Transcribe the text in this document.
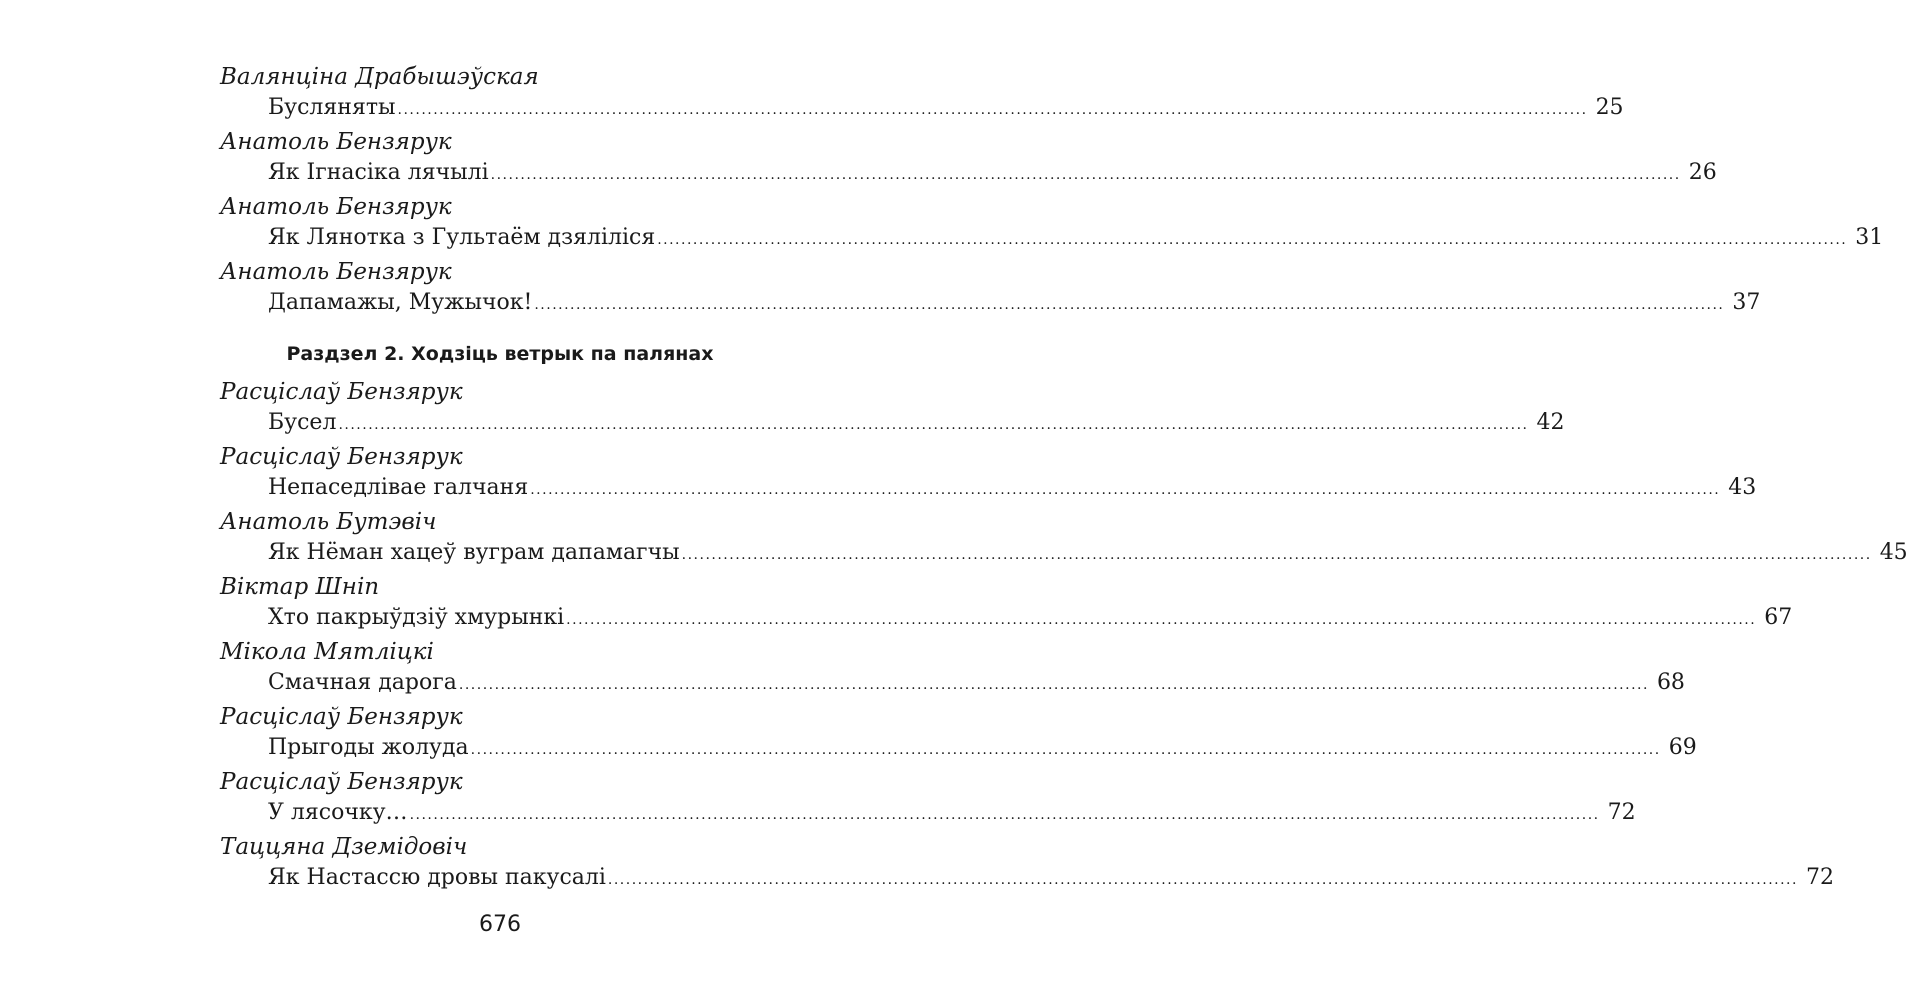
Валянціна Драбышэўская
Бусляняты ........................................................................................................................................................................................................ 25
Анатоль Бензярук
Як Ігнасіка лячылі ........................................................................................................................................................................................................ 26
Анатоль Бензярук
Як Лянотка з Гультаём дзяліліся ........................................................................................................................................................................................................ 31
Анатоль Бензярук
Дапамажы, Мужычок! ........................................................................................................................................................................................................ 37
Раздзел 2. Ходзіць ветрык па палянах
Расціслаў Бензярук
Бусел ........................................................................................................................................................................................................ 42
Расціслаў Бензярук
Непаседлівае галчаня ........................................................................................................................................................................................................ 43
Анатоль Бутэвіч
Як Нёман хацеў вуграм дапамагчы ........................................................................................................................................................................................................ 45
Віктар Шніп
Хто пакрыўдзіў хмурынкі ........................................................................................................................................................................................................ 67
Мікола Мятліцкі
Смачная дарога ........................................................................................................................................................................................................ 68
Расціслаў Бензярук
Прыгоды жолуда ........................................................................................................................................................................................................ 69
Расціслаў Бензярук
У лясочку… ........................................................................................................................................................................................................ 72
Таццяна Дземідовіч
Як Настассю дровы пакусалі ........................................................................................................................................................................................................ 72
676
